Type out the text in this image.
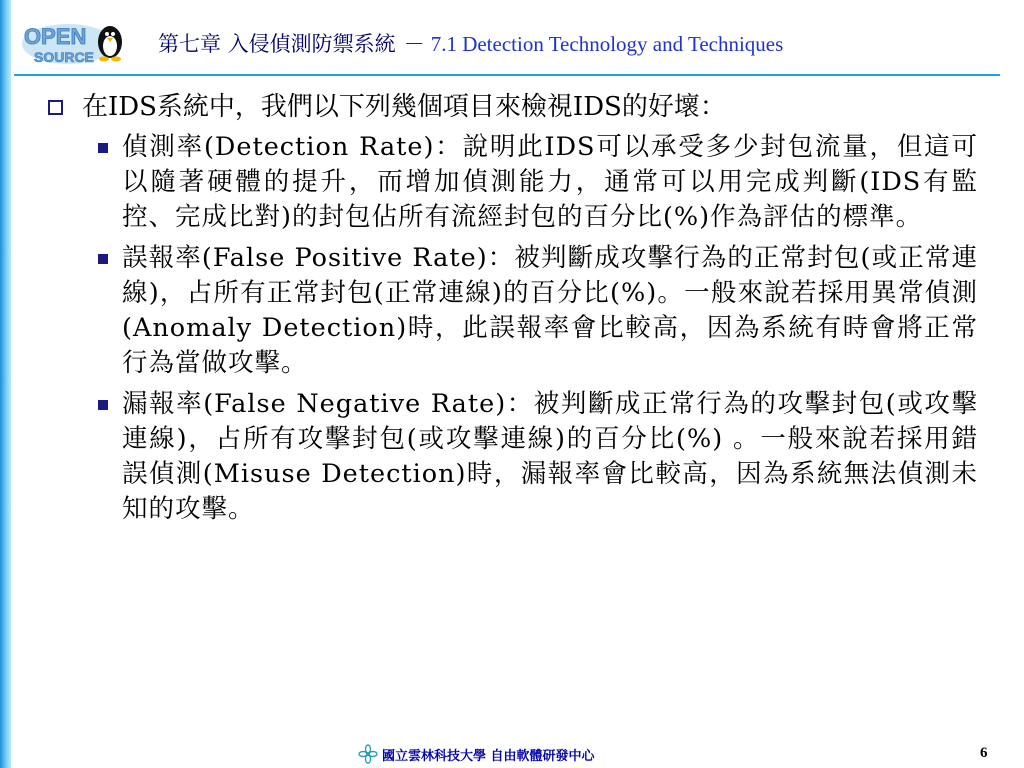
OPEN
SOURCE
第七章 入侵偵測防禦系統 － 7.1 Detection Technology and Techniques
在IDS系統中，我們以下列幾個項目來檢視IDS的好壞：
偵測率(Detection Rate)：說明此IDS可以承受多少封包流量，但這可以隨著硬體的提升，而增加偵測能力，通常可以用完成判斷(IDS有監控、完成比對)的封包佔所有流經封包的百分比(%)作為評估的標準。
誤報率(False Positive Rate)：被判斷成攻擊行為的正常封包(或正常連線)，占所有正常封包(正常連線)的百分比(%)。一般來說若採用異常偵測(Anomaly Detection)時，此誤報率會比較高，因為系統有時會將正常行為當做攻擊。
漏報率(False Negative Rate)：被判斷成正常行為的攻擊封包(或攻擊連線)，占所有攻擊封包(或攻擊連線)的百分比(%) 。一般來說若採用錯誤偵測(Misuse Detection)時，漏報率會比較高，因為系統無法偵測未知的攻擊。
國立雲林科技大學
自由軟體研發中心	6
